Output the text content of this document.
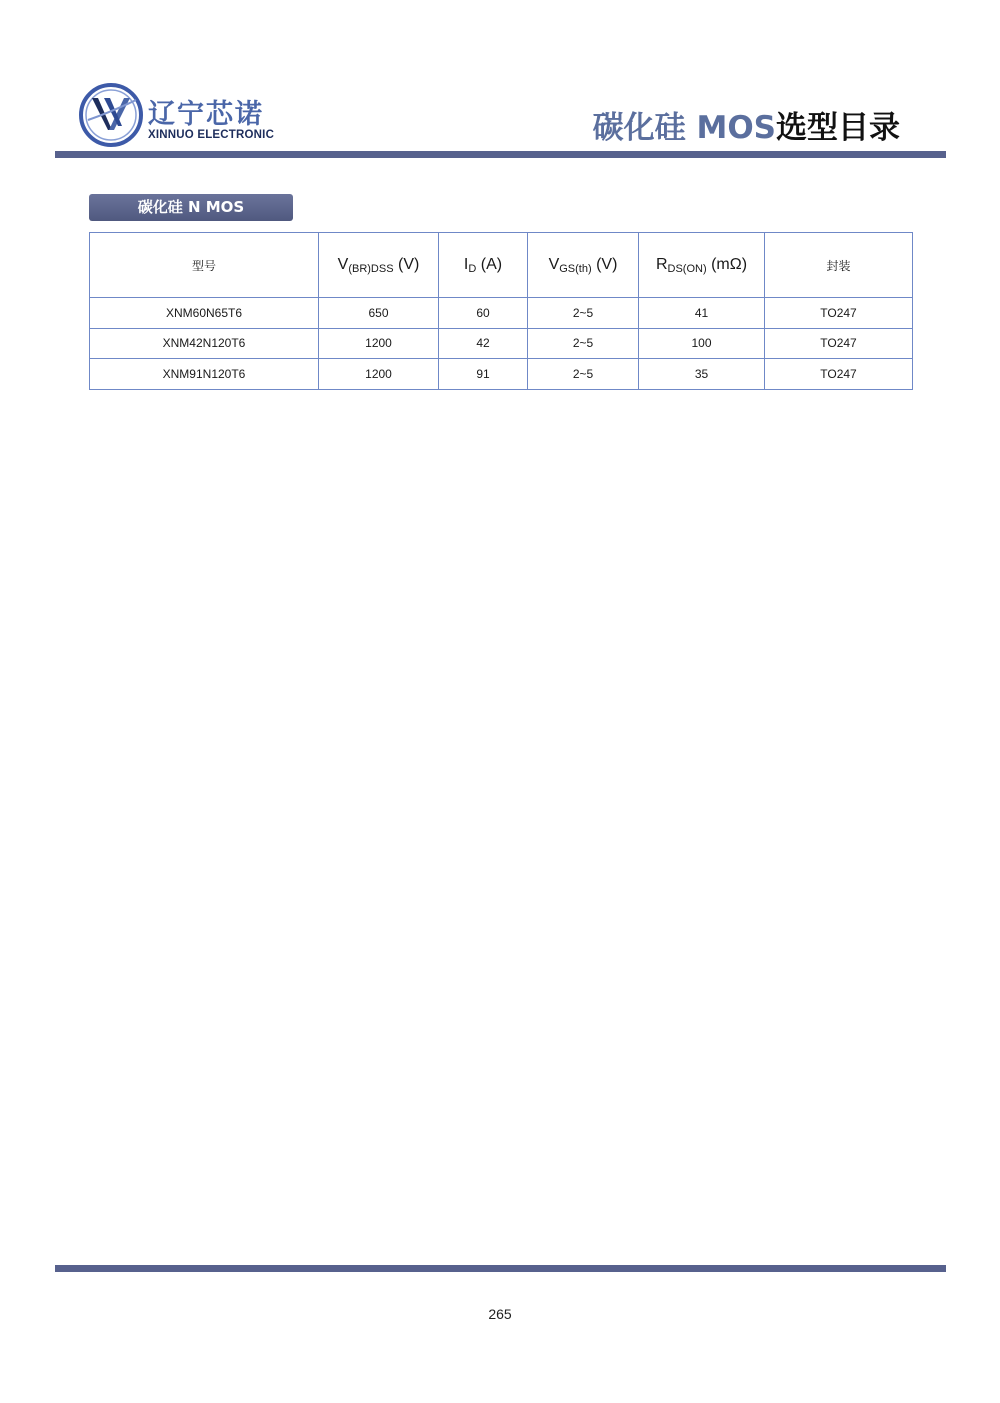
辽宁芯诺
XINNUO ELECTRONIC	碳化硅 MOS选型目录
碳化硅 N MOS
型号	$V_{(BR)DSS}$ (V)	$I_D$ (A)	$V_{GS(th)}$ (V)	$R_{DS(ON)}$ (mΩ)	封装
XNM60N65T6	650	60	2~5	41	TO247
XNM42N120T6	1200	42	2~5	100	TO247
XNM91N120T6	1200	91	2~5	35	TO247
265
